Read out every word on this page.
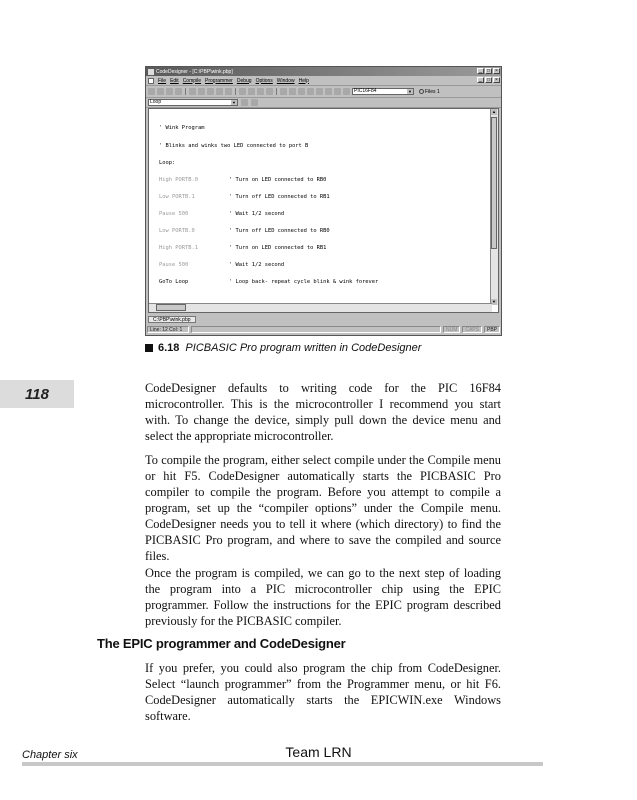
CodeDesigner - [C:\PBP\wink.pbp]	_	□	×
File Edit Compile Programmer Debug Options Window Help	_	□	×
PIC16F84	▼	Files 1
Loop	▼

' Wink Program

' Blinks and winks two LED connected to port B

Loop:

High PORTB.0	' Turn on LED connected to RB0

Low PORTB.1	' Turn off LED connected to RB1

Pause 500	' Wait 1/2 second

Low PORTB.0	' Turn off LED connected to RB0

High PORTB.1	' Turn on LED connected to RB1

Pause 500	' Wait 1/2 second

GoTo Loop	' Loop back- repeat cycle blink & wink forever

▲
▼
C:\PBP\wink.pbp
Line: 12 Col: 1	NUM	CAPS	PBP
6.18 PICBASIC Pro program written in CodeDesigner
118	CodeDesigner defaults to writing code for the PIC 16F84 microcontroller. This is the microcontroller I recommend you start with. To change the device, simply pull down the device menu and select the appropriate microcontroller.

To compile the program, either select compile under the Compile menu or hit F5. CodeDesigner automatically starts the PICBASIC Pro compiler to compile the program. Before you attempt to compile a program, set up the “compiler options” under the Compile menu. CodeDesigner needs you to tell it where (which directory) to find the PICBASIC Pro program, and where to save the compiled and source files.

Once the program is compiled, we can go to the next step of loading the program into a PIC microcontroller chip using the EPIC programmer. Follow the instructions for the EPIC program described previously for the PICBASIC compiler.

The EPIC programmer and CodeDesigner

If you prefer, you could also program the chip from CodeDesigner. Select “launch programmer” from the Programmer menu, or hit F6. CodeDesigner automatically starts the EPICWIN.exe Windows software.

Chapter six	Team LRN
